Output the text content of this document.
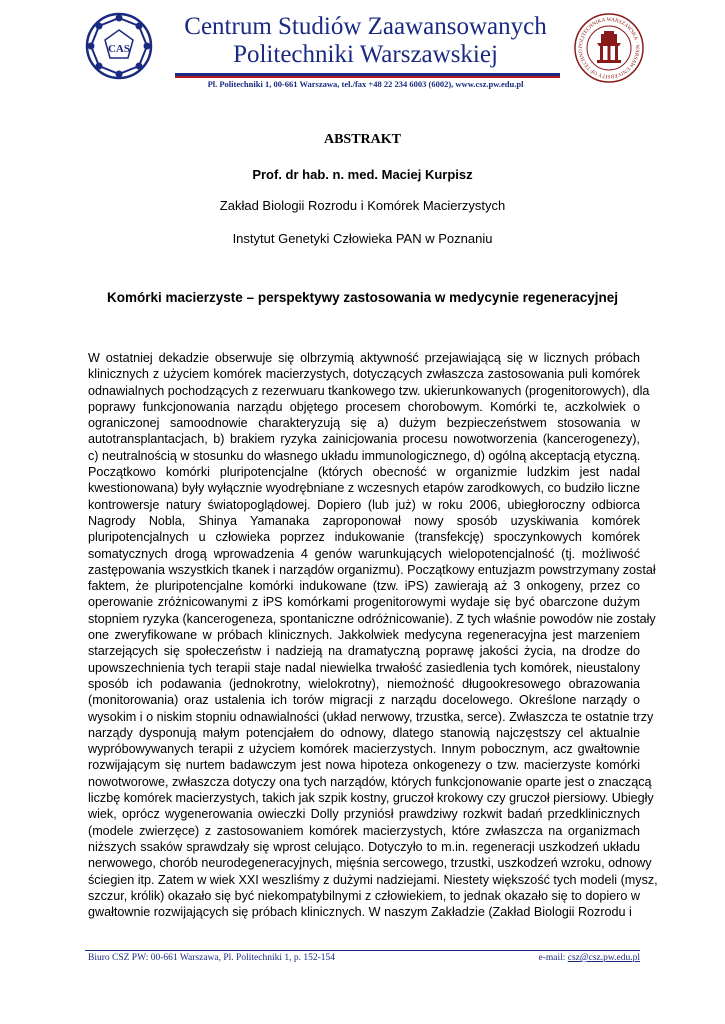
CAS
Centrum Studiów Zaawansowanych
Politechniki Warszawskiej
Pl. Politechniki 1, 00-661 Warszawa, tel./fax +48 22 234 6003 (6002), www.csz.pw.edu.pl
POLITECHNIKA WARSZAWSKA · WARSAW UNIVERSITY OF TECHNO
ABSTRAKT
Prof. dr hab. n. med. Maciej Kurpisz
Zakład Biologii Rozrodu i Komórek Macierzystych
Instytut Genetyki Człowieka PAN w Poznaniu
Komórki macierzyste – perspektywy zastosowania w medycynie regeneracyjnej
W ostatniej dekadzie obserwuje się olbrzymią aktywność przejawiającą się w licznych próbach
klinicznych z użyciem komórek macierzystych, dotyczących zwłaszcza zastosowania puli komórek
odnawialnych pochodzących z rezerwuaru tkankowego tzw. ukierunkowanych (progenitorowych), dla
poprawy funkcjonowania narządu objętego procesem chorobowym. Komórki te, aczkolwiek o
ograniczonej samoodnowie charakteryzują się a) dużym bezpieczeństwem stosowania w
autotransplantacjach, b) brakiem ryzyka zainicjowania procesu nowotworzenia (kancerogenezy),
c) neutralnością w stosunku do własnego układu immunologicznego, d) ogólną akceptacją etyczną.
Początkowo komórki pluripotencjalne (których obecność w organizmie ludzkim jest nadal
kwestionowana) były wyłącznie wyodrębniane z wczesnych etapów zarodkowych, co budziło liczne
kontrowersje natury światopoglądowej. Dopiero (lub już) w roku 2006, ubiegłoroczny odbiorca
Nagrody Nobla, Shinya Yamanaka zaproponował nowy sposób uzyskiwania komórek
pluripotencjalnych u człowieka poprzez indukowanie (transfekcję) spoczynkowych komórek
somatycznych drogą wprowadzenia 4 genów warunkujących wielopotencjalność (tj. możliwość
zastępowania wszystkich tkanek i narządów organizmu). Początkowy entuzjazm powstrzymany został
faktem, że pluripotencjalne komórki indukowane (tzw. iPS) zawierają aż 3 onkogeny, przez co
operowanie zróżnicowanymi z iPS komórkami progenitorowymi wydaje się być obarczone dużym
stopniem ryzyka (kancerogeneza, spontaniczne odróżnicowanie). Z tych właśnie powodów nie zostały
one zweryfikowane w próbach klinicznych. Jakkolwiek medycyna regeneracyjna jest marzeniem
starzejących się społeczeństw i nadzieją na dramatyczną poprawę jakości życia, na drodze do
upowszechnienia tych terapii staje nadal niewielka trwałość zasiedlenia tych komórek, nieustalony
sposób ich podawania (jednokrotny, wielokrotny), niemożność długookresowego obrazowania
(monitorowania) oraz ustalenia ich torów migracji z narządu docelowego. Określone narządy o
wysokim i o niskim stopniu odnawialności (układ nerwowy, trzustka, serce). Zwłaszcza te ostatnie trzy
narządy dysponują małym potencjałem do odnowy, dlatego stanowią najczęstszy cel aktualnie
wypróbowywanych terapii z użyciem komórek macierzystych. Innym pobocznym, acz gwałtownie
rozwijającym się nurtem badawczym jest nowa hipoteza onkogenezy o tzw. macierzyste komórki
nowotworowe, zwłaszcza dotyczy ona tych narządów, których funkcjonowanie oparte jest o znaczącą
liczbę komórek macierzystych, takich jak szpik kostny, gruczoł krokowy czy gruczoł piersiowy. Ubiegły
wiek, oprócz wygenerowania owieczki Dolly przyniósł prawdziwy rozkwit badań przedklinicznych
(modele zwierzęce) z zastosowaniem komórek macierzystych, które zwłaszcza na organizmach
niższych ssaków sprawdzały się wprost celująco. Dotyczyło to m.in. regeneracji uszkodzeń układu
nerwowego, chorób neurodegeneracyjnych, mięśnia sercowego, trzustki, uszkodzeń wzroku, odnowy
ściegien itp. Zatem w wiek XXI weszliśmy z dużymi nadziejami. Niestety większość tych modeli (mysz,
szczur, królik) okazało się być niekompatybilnymi z człowiekiem, to jednak okazało się to dopiero w
gwałtownie rozwijających się próbach klinicznych. W naszym Zakładzie (Zakład Biologii Rozrodu i
Biuro CSZ PW: 00-661 Warszawa, Pl. Politechniki 1, p. 152-154	e-mail: csz@csz.pw.edu.pl
